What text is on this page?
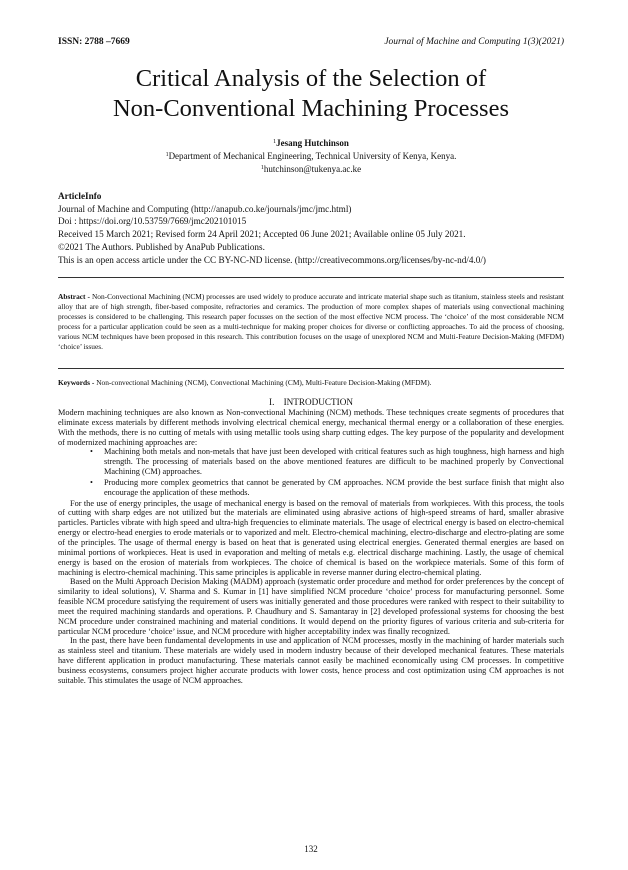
ISSN: 2788 –7669	Journal of Machine and Computing 1(3)(2021)
Critical Analysis of the Selection of
Non-Conventional Machining Processes
$^1$Jesang Hutchinson
$^1$Department of Mechanical Engineering, Technical University of Kenya, Kenya.
$^1$hutchinson@tukenya.ac.ke
ArticleInfo
Journal of Machine and Computing (http://anapub.co.ke/journals/jmc/jmc.html)
Doi : https://doi.org/10.53759/7669/jmc202101015
Received 15 March 2021; Revised form 24 April 2021; Accepted 06 June 2021; Available online 05 July 2021.
©2021 The Authors. Published by AnaPub Publications.
This is an open access article under the CC BY-NC-ND license. (http://creativecommons.org/licenses/by-nc-nd/4.0/)
Abstract - Non-Convectional Machining (NCM) processes are used widely to produce accurate and intricate material shape such as titanium, stainless steels and resistant alloy that are of high strength, fiber-based composite, refractories and ceramics. The production of more complex shapes of materials using convectional machining processes is considered to be challenging. This research paper focusses on the section of the most effective NCM process. The ‘choice’ of the most considerable NCM process for a particular application could be seen as a multi-technique for making proper choices for diverse or conflicting approaches. To aid the process of choosing, various NCM techniques have been proposed in this research. This contribution focuses on the usage of unexplored NCM and Multi-Feature Decision-Making (MFDM) ‘choice’ issues.
Keywords - Non-convectional Machining (NCM), Convectional Machining (CM), Multi-Feature Decision-Making (MFDM).
I. INTRODUCTION

Modern machining techniques are also known as Non-convectional Machining (NCM) methods. These techniques create segments of procedures that eliminate excess materials by different methods involving electrical chemical energy, mechanical thermal energy or a collaboration of these energies. With the methods, there is no cutting of metals with using metallic tools using sharp cutting edges. The key purpose of the popularity and development of modernized machining approaches are:

• Machining both metals and non-metals that have just been developed with critical features such as high toughness, high harness and high strength. The processing of materials based on the above mentioned features are difficult to be machined properly by Convectional Machining (CM) approaches.
• Producing more complex geometrics that cannot be generated by CM approaches. NCM provide the best surface finish that might also encourage the application of these methods.

For the use of energy principles, the usage of mechanical energy is based on the removal of materials from workpieces. With this process, the tools of cutting with sharp edges are not utilized but the materials are eliminated using abrasive actions of high-speed streams of hard, smaller abrasive particles. Particles vibrate with high speed and ultra-high frequencies to eliminate materials. The usage of electrical energy is based on electro-chemical energy or electro-head energies to erode materials or to vaporized and melt. Electro-chemical machining, electro-discharge and electro-plating are some of the principles. The usage of thermal energy is based on heat that is generated using electrical energies. Generated thermal energies are based on minimal portions of workpieces. Heat is used in evaporation and melting of metals e.g. electrical discharge machining. Lastly, the usage of chemical energy is based on the erosion of materials from workpieces. The choice of chemical is based on the workpiece materials. Some of this form of machining is electro-chemical machining. This same principles is applicable in reverse manner during electro-chemical plating.

Based on the Multi Approach Decision Making (MADM) approach (systematic order procedure and method for order preferences by the concept of similarity to ideal solutions), V. Sharma and S. Kumar in [1] have simplified NCM procedure ‘choice’ process for manufacturing personnel. Some feasible NCM procedure satisfying the requirement of users was initially generated and those procedures were ranked with respect to their suitability to meet the required machining standards and operations. P. Chaudhury and S. Samantaray in [2] developed professional systems for choosing the best NCM procedure under constrained machining and material conditions. It would depend on the priority figures of various criteria and sub-criteria for particular NCM procedure ‘choice’ issue, and NCM procedure with higher acceptability index was finally recognized.

In the past, there have been fundamental developments in use and application of NCM processes, mostly in the machining of harder materials such as stainless steel and titanium. These materials are widely used in modern industry because of their developed mechanical features. These materials have different application in product manufacturing. These materials cannot easily be machined economically using CM processes. In competitive business ecosystems, consumers project higher accurate products with lower costs, hence process and cost optimization using CM approaches is not suitable. This stimulates the usage of NCM approaches.

132
